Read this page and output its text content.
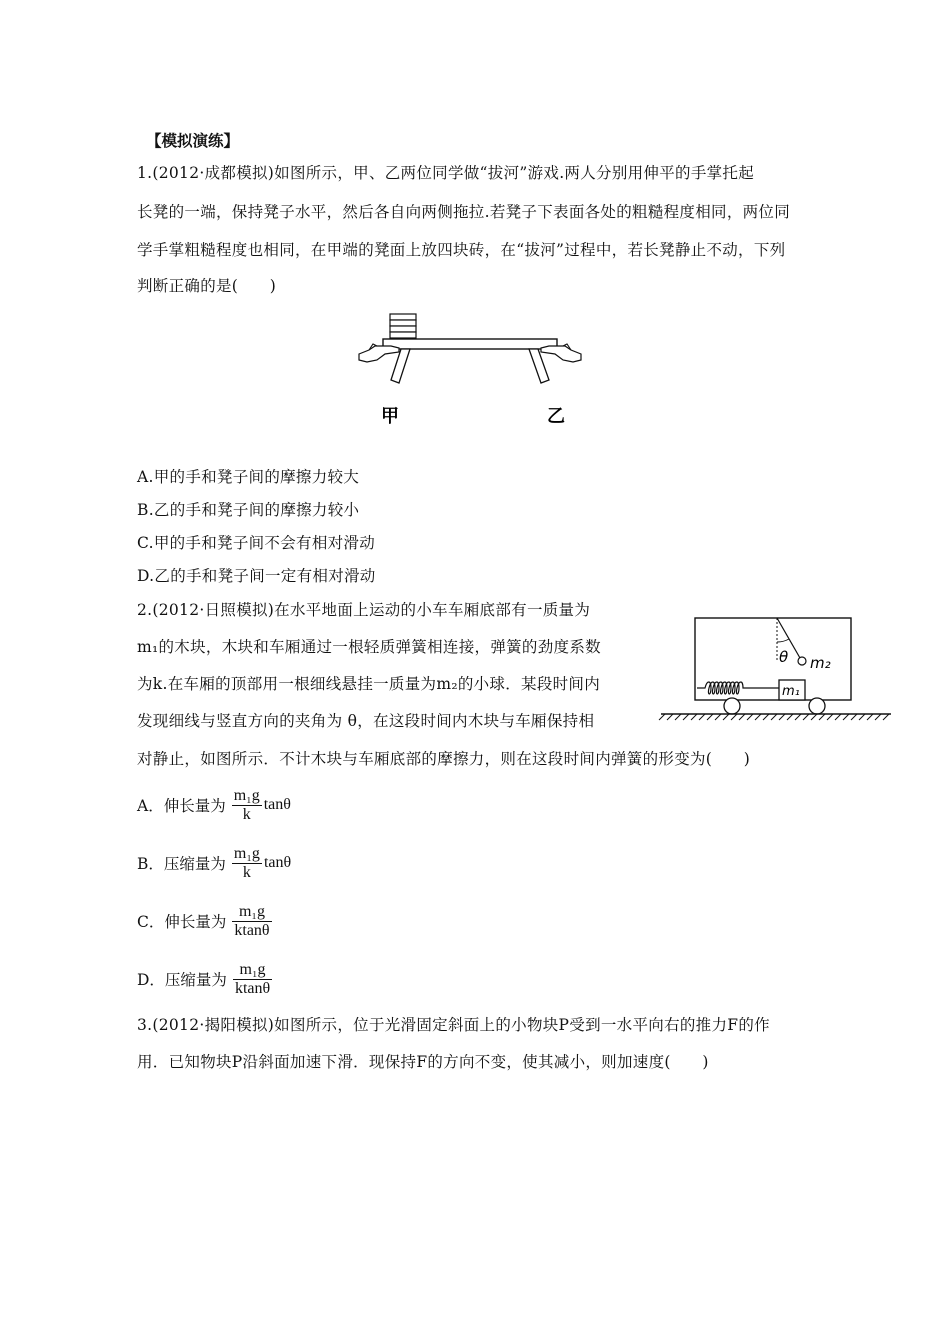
【模拟演练】
1.(2012·成都模拟)如图所示，甲、乙两位同学做“拔河”游戏.两人分别用伸平的手掌托起
长凳的一端，保持凳子水平，然后各自向两侧拖拉.若凳子下表面各处的粗糙程度相同，两位同
学手掌粗糙程度也相同，在甲端的凳面上放四块砖，在“拔河”过程中，若长凳静止不动，下列
判断正确的是(　　)
甲	乙
A.甲的手和凳子间的摩擦力较大
B.乙的手和凳子间的摩擦力较小
C.甲的手和凳子间不会有相对滑动
D.乙的手和凳子间一定有相对滑动
2.(2012·日照模拟)在水平地面上运动的小车车厢底部有一质量为
m₁的木块，木块和车厢通过一根轻质弹簧相连接，弹簧的劲度系数
为k.在车厢的顶部用一根细线悬挂一质量为m₂的小球．某段时间内
发现细线与竖直方向的夹角为 θ，在这段时间内木块与车厢保持相
对静止，如图所示．不计木块与车厢底部的摩擦力，则在这段时间内弹簧的形变为(　　)
θ m₂
m₁
A．伸长量为 $\frac{\text{m₁g}}{k}$ tanθ
B．压缩量为 $\frac{\text{m₁g}}{k}$ tanθ
C．伸长量为 $\frac{\text{m₁g}}{ktan\theta}$
D．压缩量为 $\frac{\text{m₁g}}{ktan\theta}$
3.(2012·揭阳模拟)如图所示，位于光滑固定斜面上的小物块P受到一水平向右的推力F的作
用．已知物块P沿斜面加速下滑．现保持F的方向不变，使其减小，则加速度(　　)
